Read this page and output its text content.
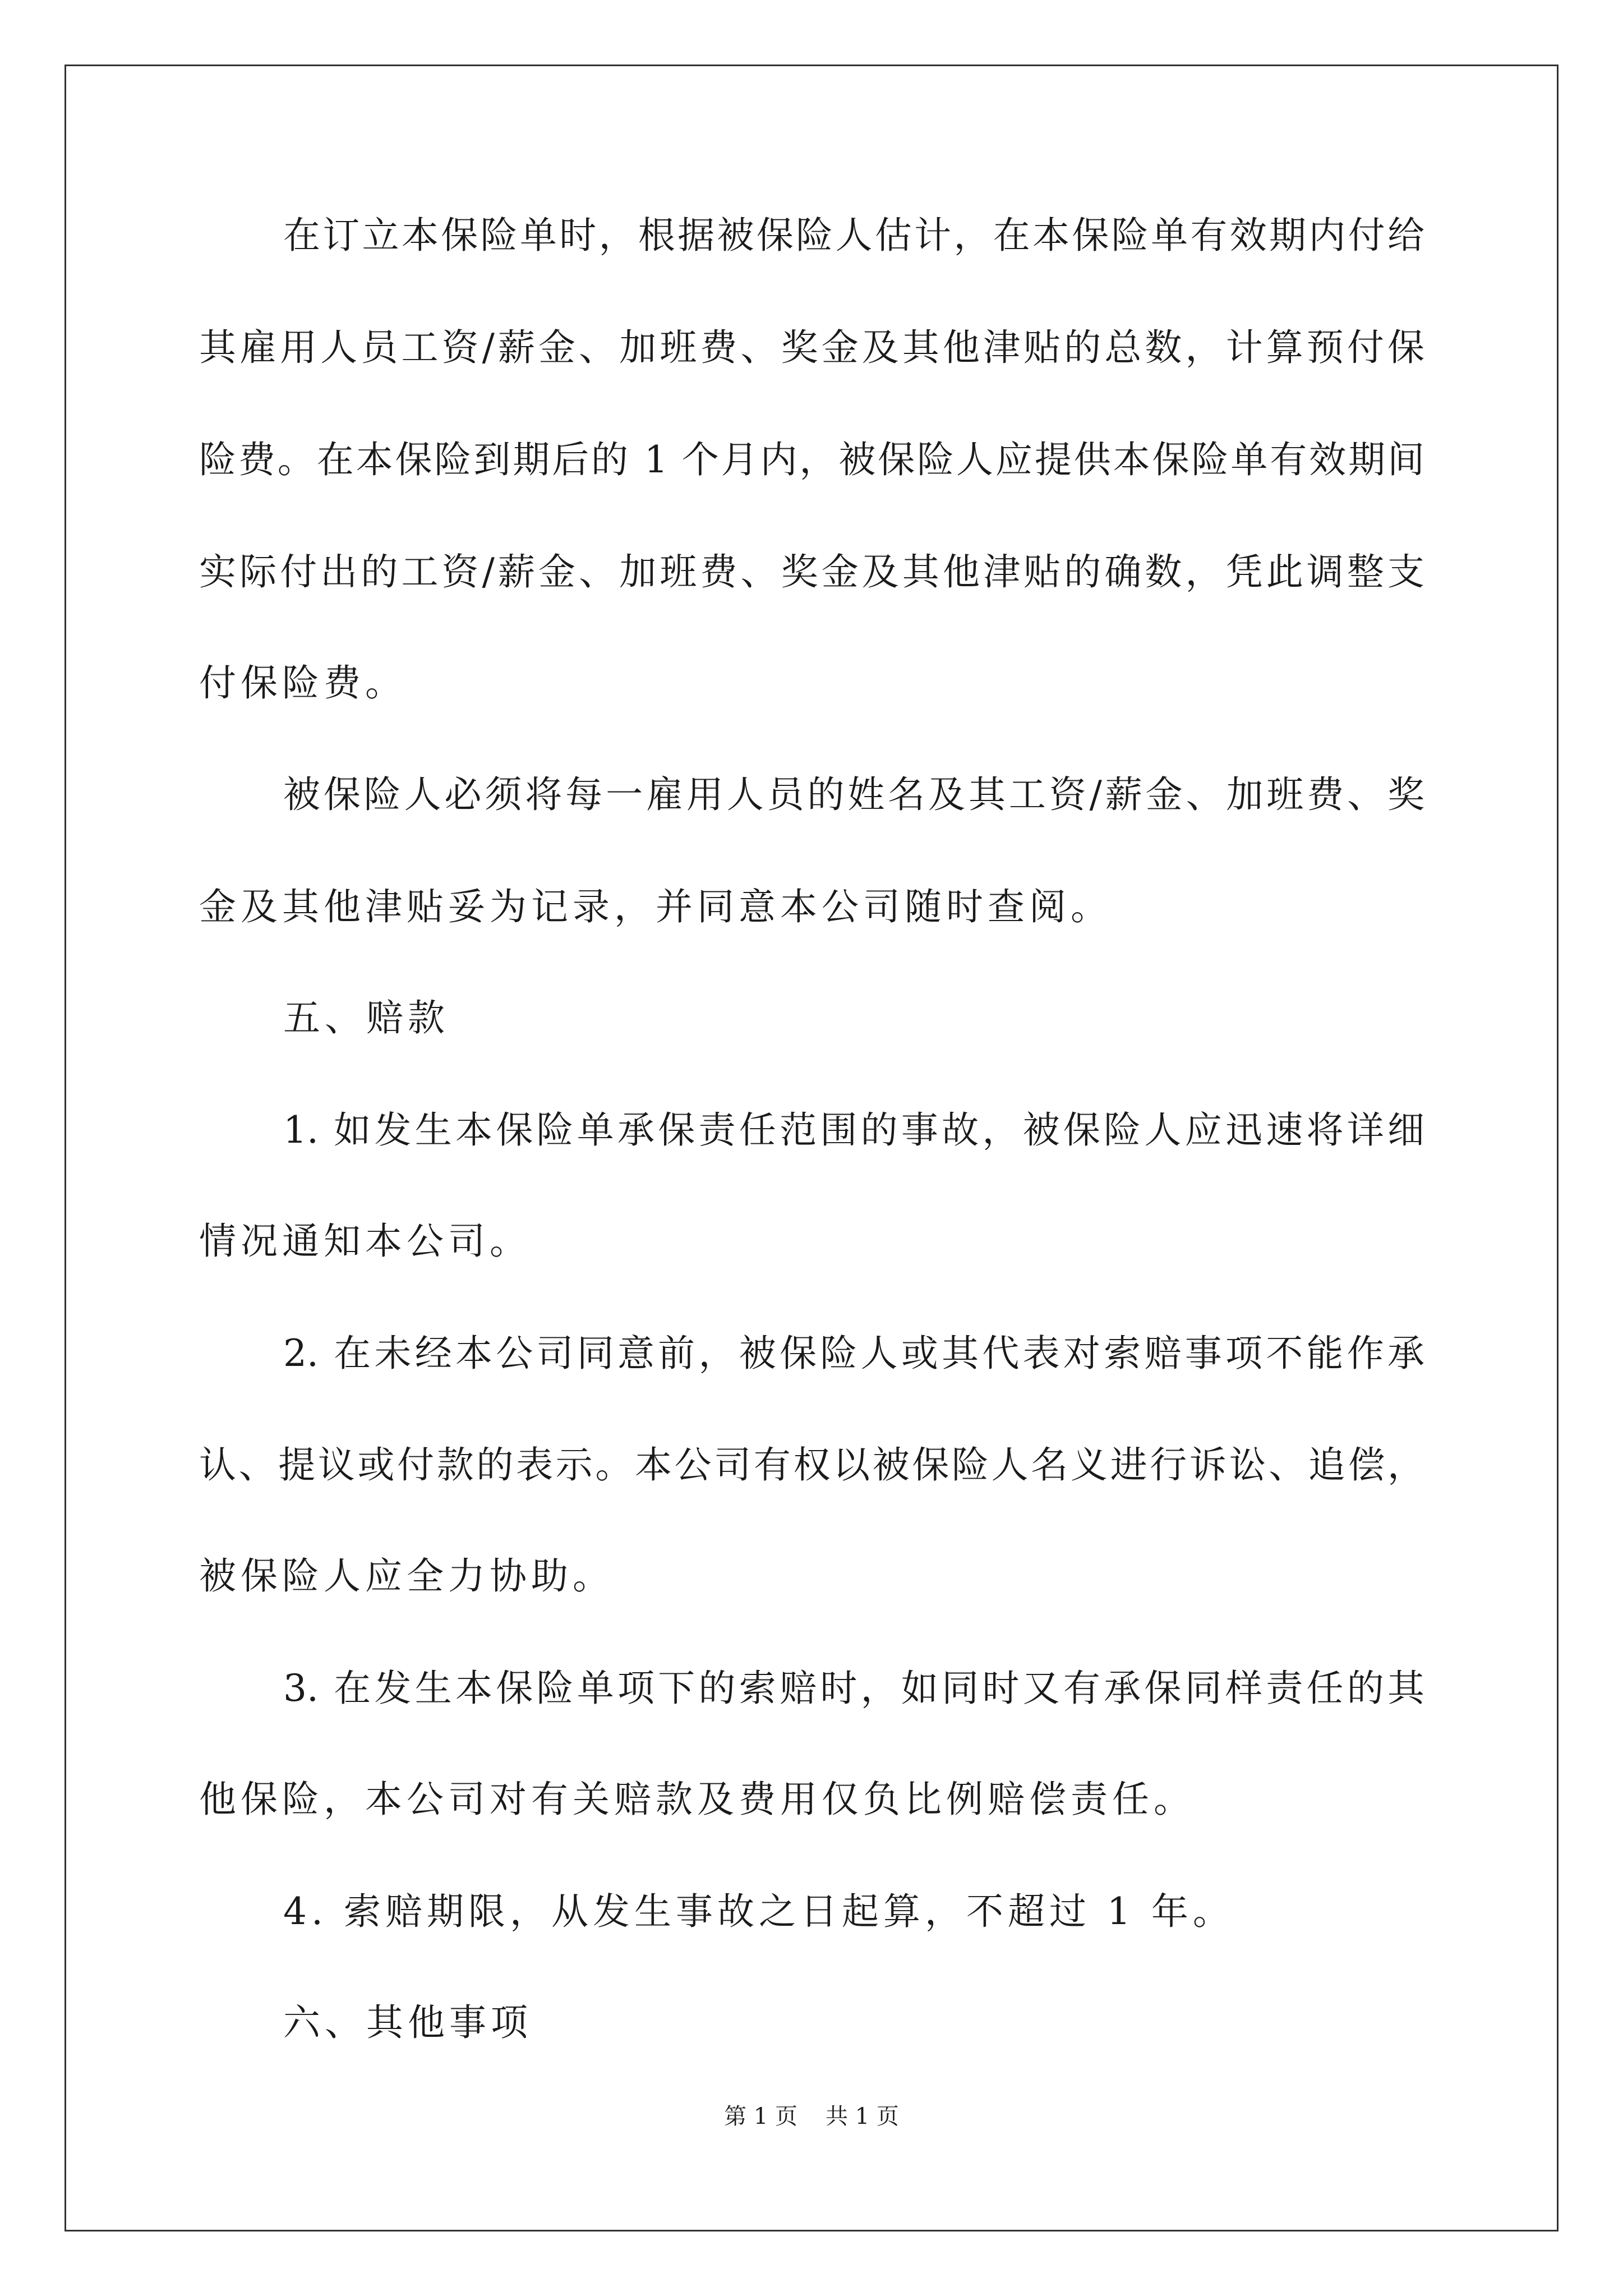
在订立本保险单时，根据被保险人估计，在本保险单有效期内付给
其雇用人员工资/薪金、加班费、奖金及其他津贴的总数，计算预付保
险费。在本保险到期后的 1 个月内，被保险人应提供本保险单有效期间
实际付出的工资/薪金、加班费、奖金及其他津贴的确数，凭此调整支
付保险费。
被保险人必须将每一雇用人员的姓名及其工资/薪金、加班费、奖
金及其他津贴妥为记录，并同意本公司随时查阅。
五、赔款
1. 如发生本保险单承保责任范围的事故，被保险人应迅速将详细
情况通知本公司。
2. 在未经本公司同意前，被保险人或其代表对索赔事项不能作承
认、提议或付款的表示。本公司有权以被保险人名义进行诉讼、追偿，
被保险人应全力协助。
3. 在发生本保险单项下的索赔时，如同时又有承保同样责任的其
他保险，本公司对有关赔款及费用仅负比例赔偿责任。
4. 索赔期限，从发生事故之日起算，不超过 1 年。
六、其他事项
第 1 页 共 1 页
